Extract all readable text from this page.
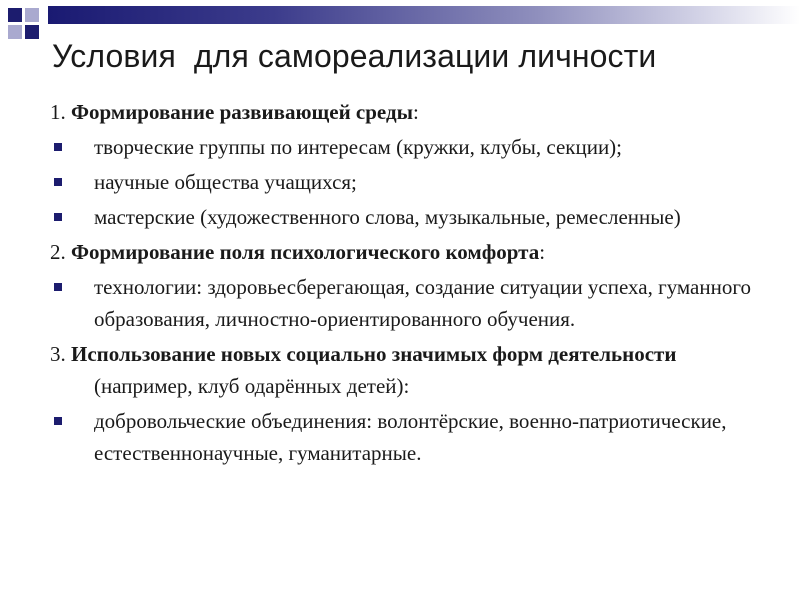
Условия  для самореализации личности

1. Формирование развивающей среды:

творческие группы по интересам (кружки, клубы, секции);
научные общества учащихся;
мастерские (художественного слова, музыкальные, ремесленные)

2. Формирование поля психологического комфорта:

технологии: здоровьесберегающая, создание ситуации успеха, гуманного образования, личностно-ориентированного обучения.

3. Использование новых социально значимых форм деятельности (например, клуб одарённых детей):

добровольческие объединения: волонтёрские, военно-патриотические, естественнонаучные, гуманитарные.
